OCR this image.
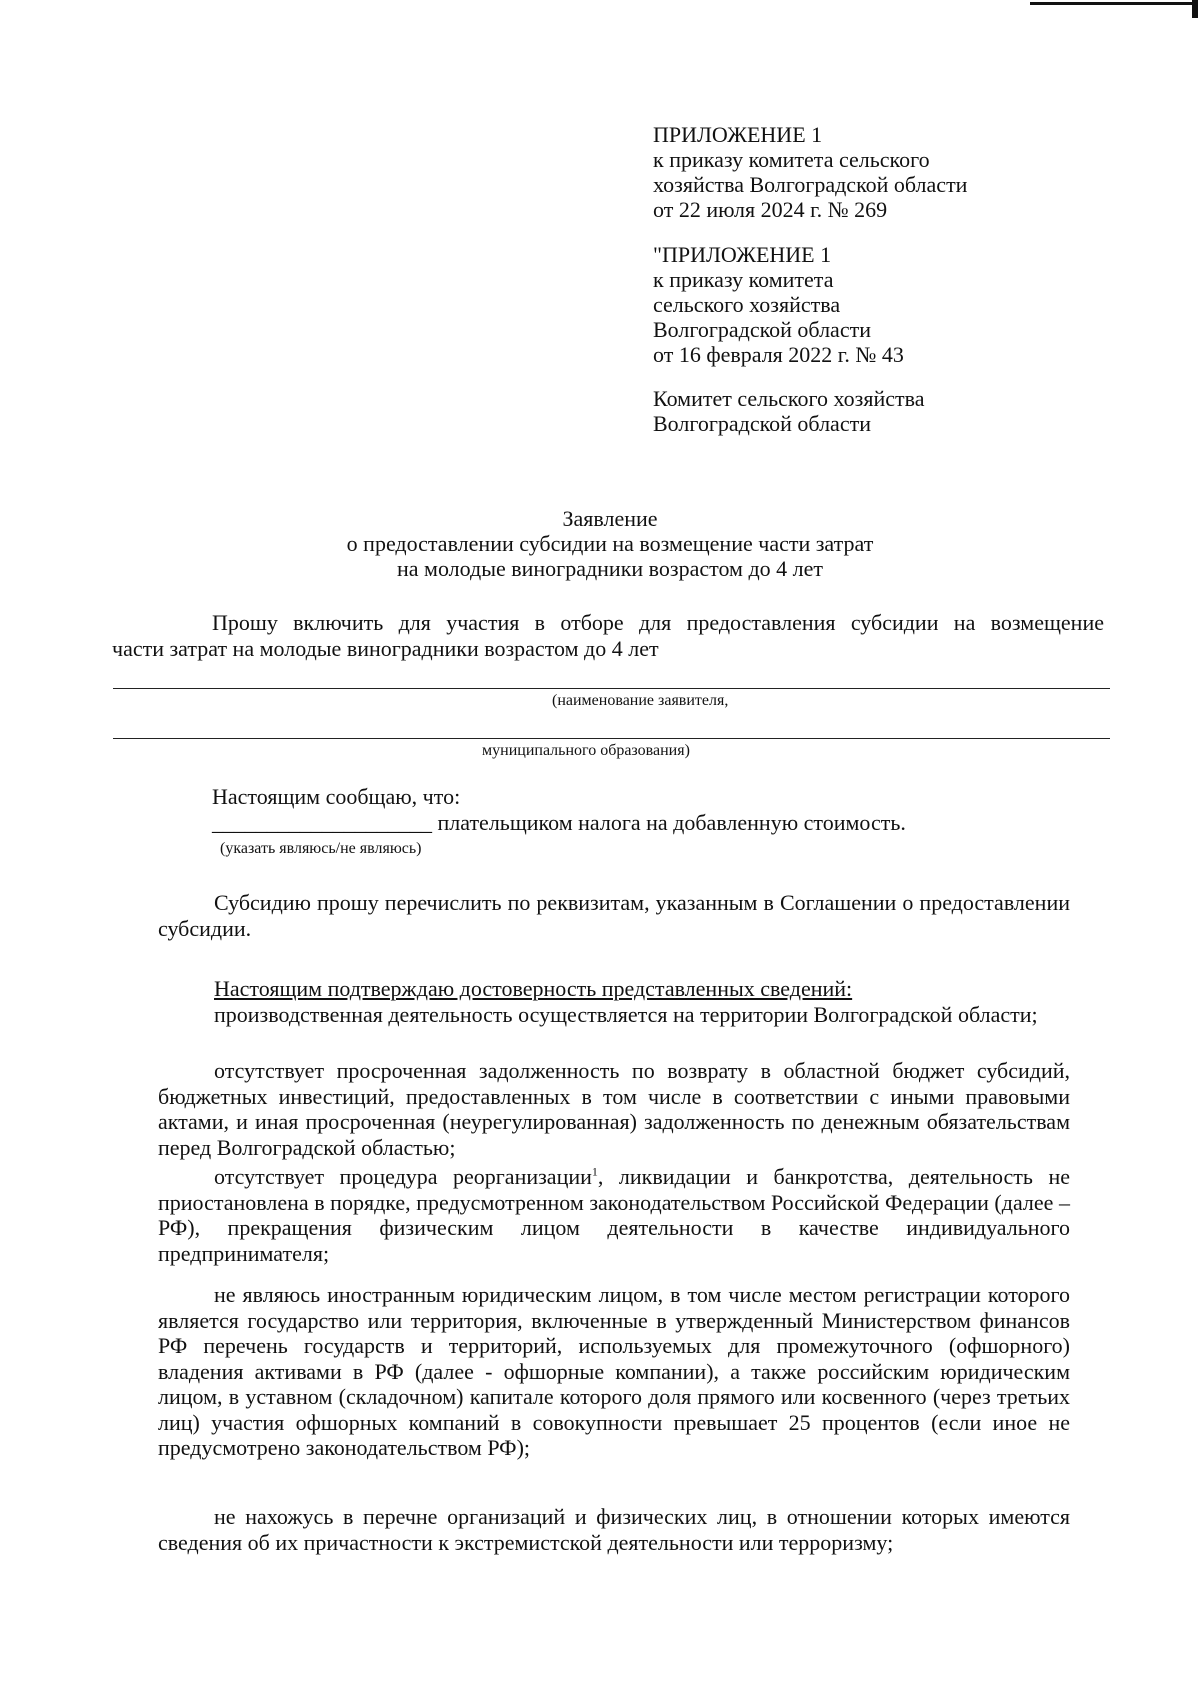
ПРИЛОЖЕНИЕ 1
к приказу комитета сельского
хозяйства Волгоградской области
от 22 июля 2024 г. № 269
"ПРИЛОЖЕНИЕ 1
к приказу комитета
сельского хозяйства
Волгоградской области
от 16 февраля 2022 г. № 43
Комитет сельского хозяйства
Волгоградской области
Заявление
о предоставлении субсидии на возмещение части затрат
на молодые виноградники возрастом до 4 лет
Прошу включить для участия в отборе для предоставления субсидии на возмещение
части затрат на молодые виноградники возрастом до 4 лет
(наименование заявителя,
муниципального образования)
Настоящим сообщаю, что:
____________________ плательщиком налога на добавленную стоимость.
(указать являюсь/не являюсь)
Субсидию прошу перечислить по реквизитам, указанным в Соглашении о предоставлении субсидии.
Настоящим подтверждаю достоверность представленных сведений:
производственная деятельность осуществляется на территории Волгоградской области;
отсутствует просроченная задолженность по возврату в областной бюджет субсидий, бюджетных инвестиций, предоставленных в том числе в соответствии с иными правовыми актами, и иная просроченная (неурегулированная) задолженность по денежным обязательствам перед Волгоградской областью;
отсутствует процедура реорганизации$^1$, ликвидации и банкротства, деятельность не приостановлена в порядке, предусмотренном законодательством Российской Федерации (далее – РФ), прекращения физическим лицом деятельности в качестве индивидуального предпринимателя;
не являюсь иностранным юридическим лицом, в том числе местом регистрации которого является государство или территория, включенные в утвержденный Министерством финансов РФ перечень государств и территорий, используемых для промежуточного (офшорного) владения активами в РФ (далее - офшорные компании), а также российским юридическим лицом, в уставном (складочном) капитале которого доля прямого или косвенного (через третьих лиц) участия офшорных компаний в совокупности превышает 25 процентов (если иное не предусмотрено законодательством РФ);
не нахожусь в перечне организаций и физических лиц, в отношении которых имеются сведения об их причастности к экстремистской деятельности или терроризму;
